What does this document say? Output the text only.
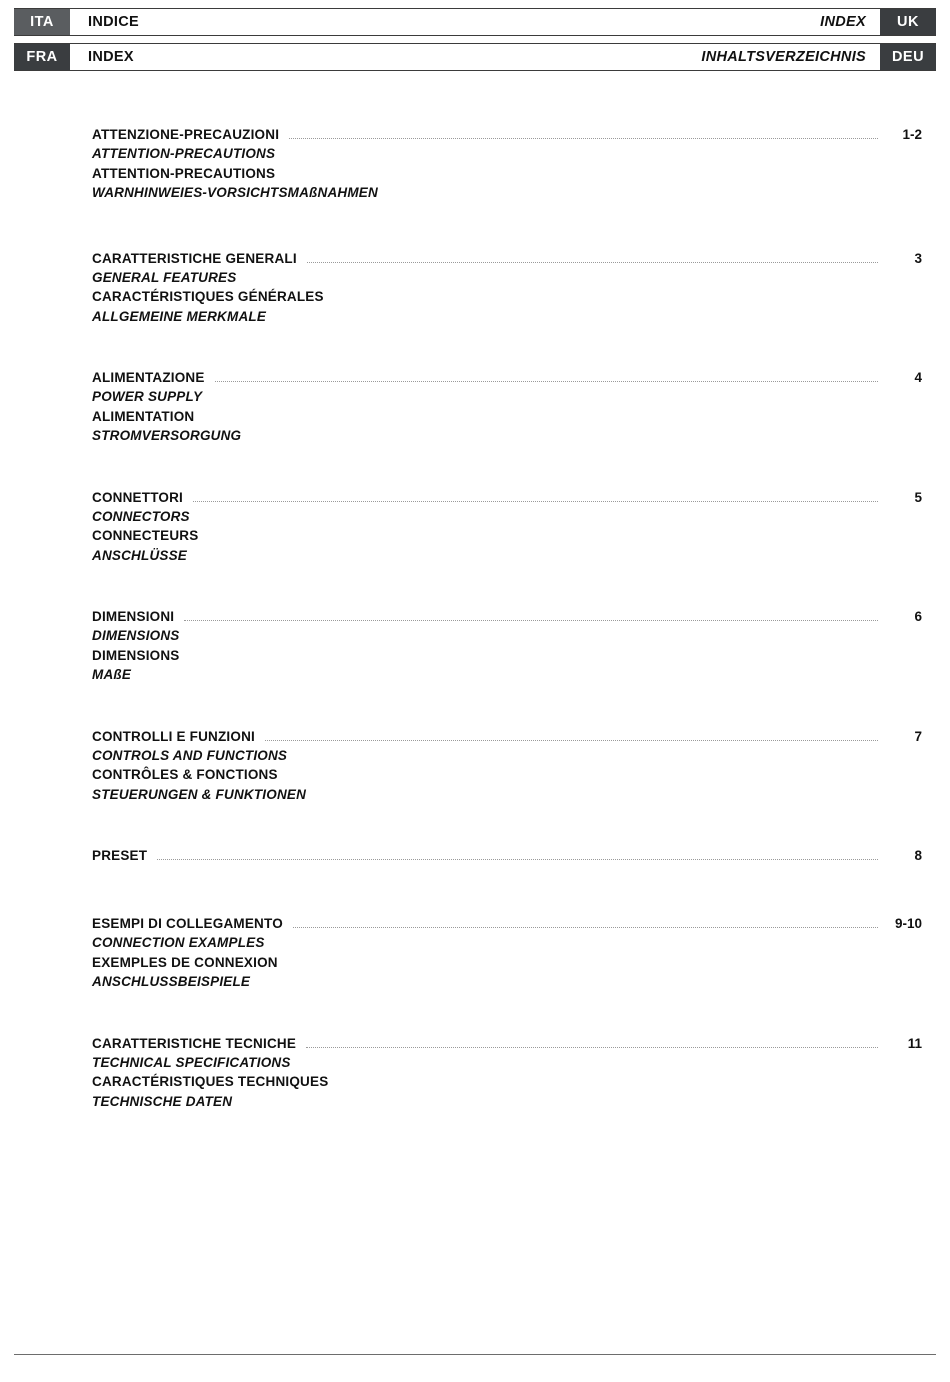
ITA	INDICE	INDEX	UK
FRA	INDEX	INHALTSVERZEICHNIS	DEU
ATTENZIONE-PRECAUZIONI	1-2
ATTENTION-PRECAUTIONS
ATTENTION-PRECAUTIONS
WARNHINWEIES-VORSICHTSMAßNAHMEN
CARATTERISTICHE GENERALI	3
GENERAL FEATURES
CARACTÉRISTIQUES GÉNÉRALES
ALLGEMEINE MERKMALE
ALIMENTAZIONE	4
POWER SUPPLY
ALIMENTATION
STROMVERSORGUNG
CONNETTORI	5
CONNECTORS
CONNECTEURS
ANSCHLÜSSE
DIMENSIONI	6
DIMENSIONS
DIMENSIONS
MAßE
CONTROLLI E FUNZIONI	7
CONTROLS AND FUNCTIONS
CONTRÔLES & FONCTIONS
STEUERUNGEN & FUNKTIONEN
PRESET	8
ESEMPI DI COLLEGAMENTO	9-10
CONNECTION EXAMPLES
EXEMPLES DE CONNEXION
ANSCHLUSSBEISPIELE
CARATTERISTICHE TECNICHE	11
TECHNICAL SPECIFICATIONS
CARACTÉRISTIQUES TECHNIQUES
TECHNISCHE DATEN
